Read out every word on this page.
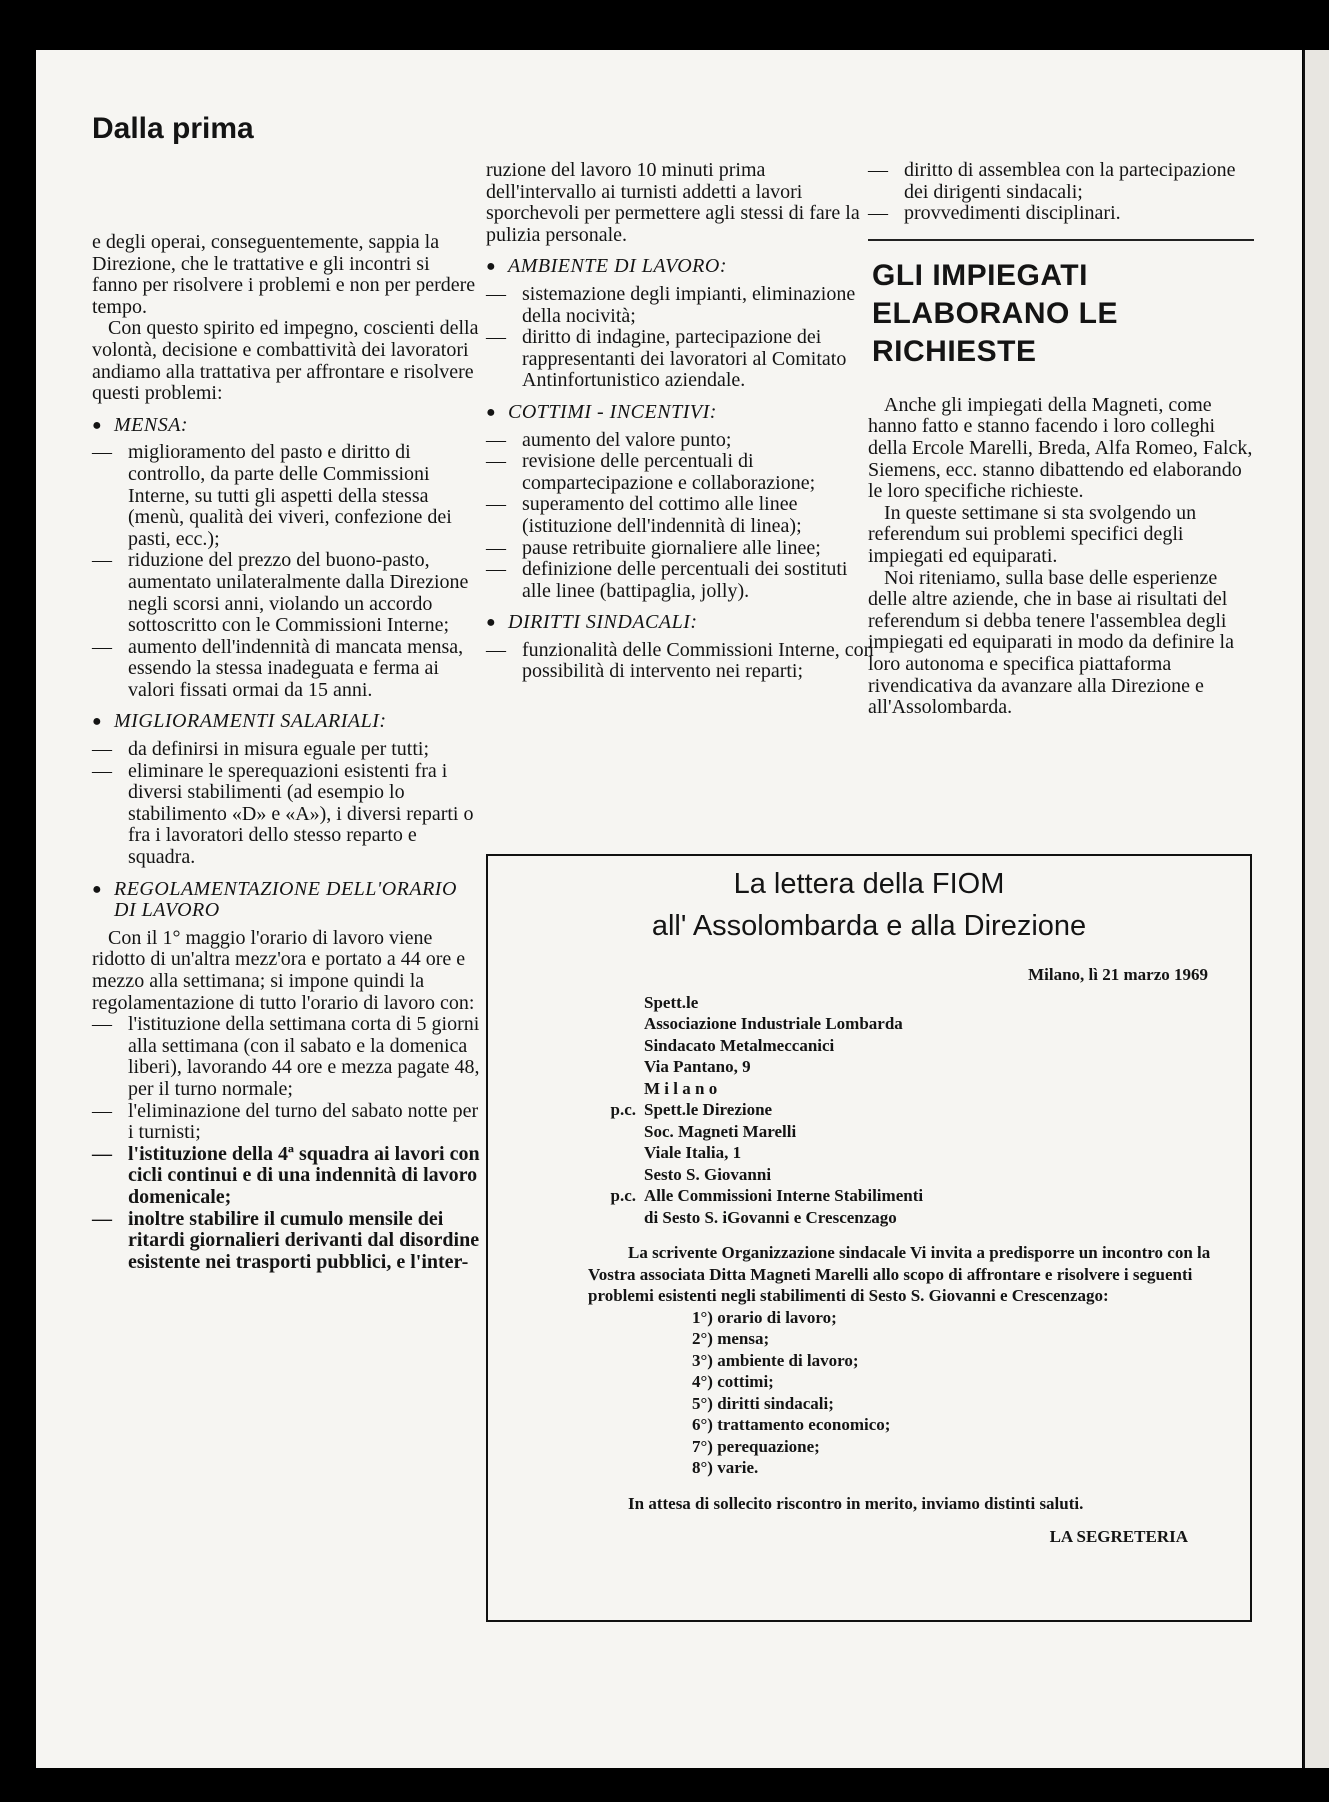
Dalla prima

e degli operai, conseguentemente, sappia la Direzione, che le trattative e gli incontri si fanno per risolvere i problemi e non per perdere tempo.

Con questo spirito ed impegno, coscienti della volontà, decisione e combattività dei lavoratori andiamo alla trattativa per affrontare e risolvere questi problemi:

● MENSA:

— miglioramento del pasto e diritto di controllo, da parte delle Commissioni Interne, su tutti gli aspetti della stessa (menù, qualità dei viveri, confezione dei pasti, ecc.);

— riduzione del prezzo del buono-pasto, aumentato unilateralmente dalla Direzione negli scorsi anni, violando un accordo sottoscritto con le Commissioni Interne;

— aumento dell'indennità di mancata mensa, essendo la stessa inadeguata e ferma ai valori fissati ormai da 15 anni.

● MIGLIORAMENTI SALARIALI:

— da definirsi in misura eguale per tutti;

— eliminare le sperequazioni esistenti fra i diversi stabilimenti (ad esempio lo stabilimento «D» e «A»), i diversi reparti o fra i lavoratori dello stesso reparto e squadra.

● REGOLAMENTAZIONE DELL'ORARIO DI LAVORO

Con il 1° maggio l'orario di lavoro viene ridotto di un'altra mezz'ora e portato a 44 ore e mezzo alla settimana; si impone quindi la regolamentazione di tutto l'orario di lavoro con:

— l'istituzione della settimana corta di 5 giorni alla settimana (con il sabato e la domenica liberi), lavorando 44 ore e mezza pagate 48, per il turno normale;

— l'eliminazione del turno del sabato notte per i turnisti;

— l'istituzione della 4ª squadra ai lavori con cicli continui e di una indennità di lavoro domenicale;

— inoltre stabilire il cumulo mensile dei ritardi giornalieri derivanti dal disordine esistente nei trasporti pubblici, e l'inter-

ruzione del lavoro 10 minuti prima dell'intervallo ai turnisti addetti a lavori sporchevoli per permettere agli stessi di fare la pulizia personale.

● AMBIENTE DI LAVORO:

— sistemazione degli impianti, eliminazione della nocività;

— diritto di indagine, partecipazione dei rappresentanti dei lavoratori al Comitato Antinfortunistico aziendale.

● COTTIMI - INCENTIVI:

— aumento del valore punto;

— revisione delle percentuali di compartecipazione e collaborazione;

— superamento del cottimo alle linee (istituzione dell'indennità di linea);

— pause retribuite giornaliere alle linee;

— definizione delle percentuali dei sostituti alle linee (battipaglia, jolly).

● DIRITTI SINDACALI:

— funzionalità delle Commissioni Interne, con possibilità di intervento nei reparti;

— diritto di assemblea con la partecipazione dei dirigenti sindacali;

— provvedimenti disciplinari.

GLI IMPIEGATI ELABORANO LE RICHIESTE

Anche gli impiegati della Magneti, come hanno fatto e stanno facendo i loro colleghi della Ercole Marelli, Breda, Alfa Romeo, Falck, Siemens, ecc. stanno dibattendo ed elaborando le loro specifiche richieste.

In queste settimane si sta svolgendo un referendum sui problemi specifici degli impiegati ed equiparati.

Noi riteniamo, sulla base delle esperienze delle altre aziende, che in base ai risultati del referendum si debba tenere l'assemblea degli impiegati ed equiparati in modo da definire la loro autonoma e specifica piattaforma rivendicativa da avanzare alla Direzione e all'Assolombarda.

La lettera della FIOM
all' Assolombarda e alla Direzione
Milano, lì 21 marzo 1969
Spett.le
Associazione Industriale Lombarda
Sindacato Metalmeccanici
Via Pantano, 9
M i l a n o
p.c. Spett.le Direzione
Soc. Magneti Marelli
Viale Italia, 1
Sesto S. Giovanni
p.c. Alle Commissioni Interne Stabilimenti
di Sesto S. iGovanni e Crescenzago

La scrivente Organizzazione sindacale Vi invita a predisporre un incontro con la Vostra associata Ditta Magneti Marelli allo scopo di affrontare e risolvere i seguenti problemi esistenti negli stabilimenti di Sesto S. Giovanni e Crescenzago:

1°) orario di lavoro;
2°) mensa;
3°) ambiente di lavoro;
4°) cottimi;
5°) diritti sindacali;
6°) trattamento economico;
7°) perequazione;
8°) varie.

In attesa di sollecito riscontro in merito, inviamo distinti saluti.

LA SEGRETERIA
